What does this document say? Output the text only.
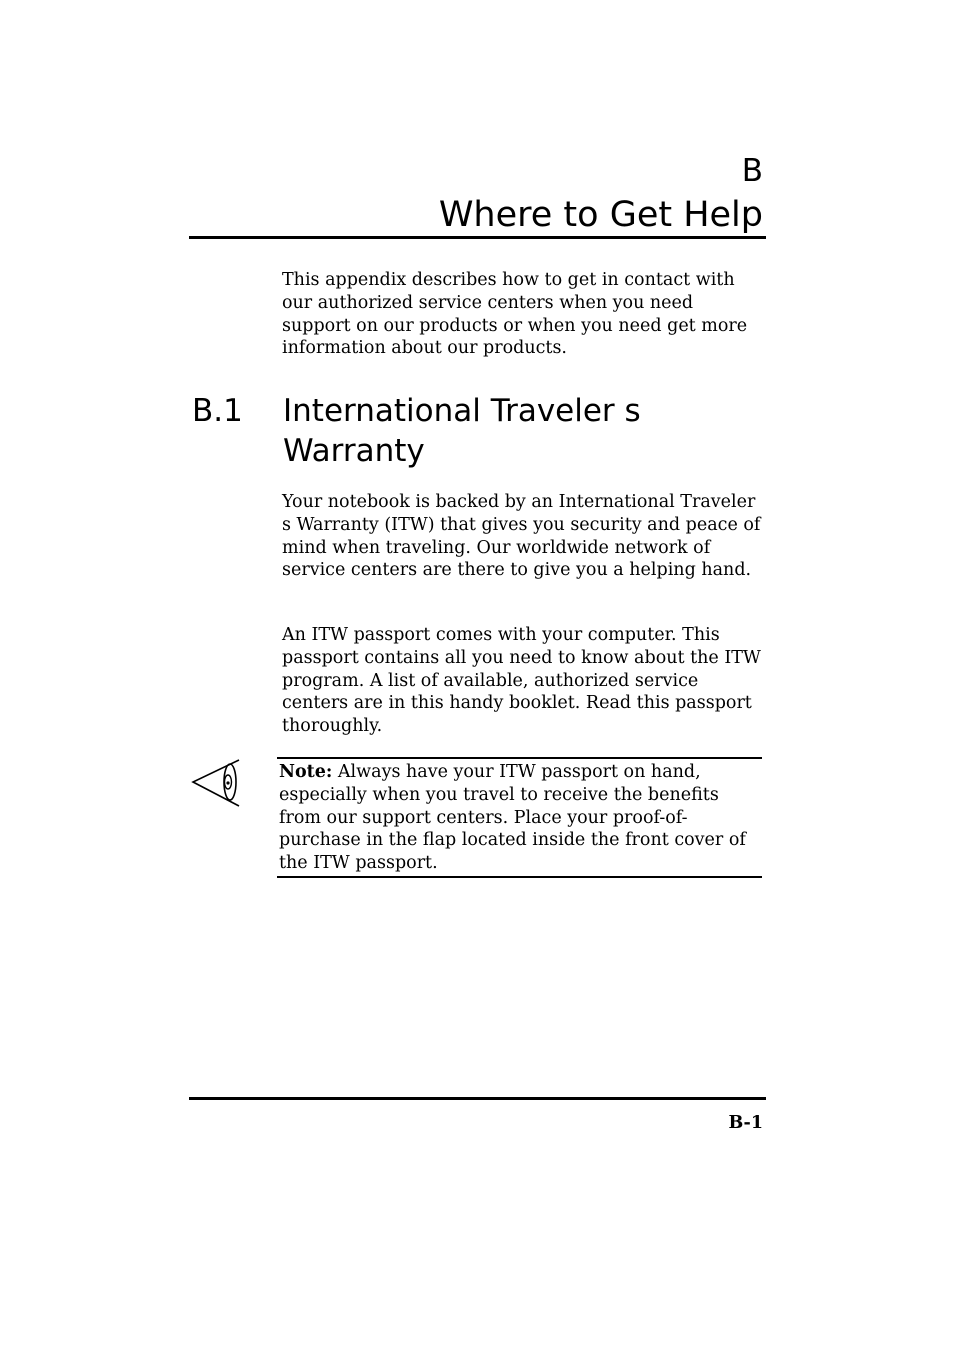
B
Where to Get Help

This appendix describes how to get in contact with our authorized service centers when you need support on our products or when you need get more information about our products.

B.1 International Traveler s Warranty

Your notebook is backed by an International Traveler s Warranty (ITW) that gives you security and peace of mind when traveling. Our worldwide network of service centers are there to give you a helping hand.

An ITW passport comes with your computer. This passport contains all you need to know about the ITW program. A list of available, authorized service centers are in this handy booklet. Read this passport thoroughly.

Note: Always have your ITW passport on hand, especially when you travel to receive the benefits from our support centers. Place your proof-of-purchase in the flap located inside the front cover of the ITW passport.

B-1
